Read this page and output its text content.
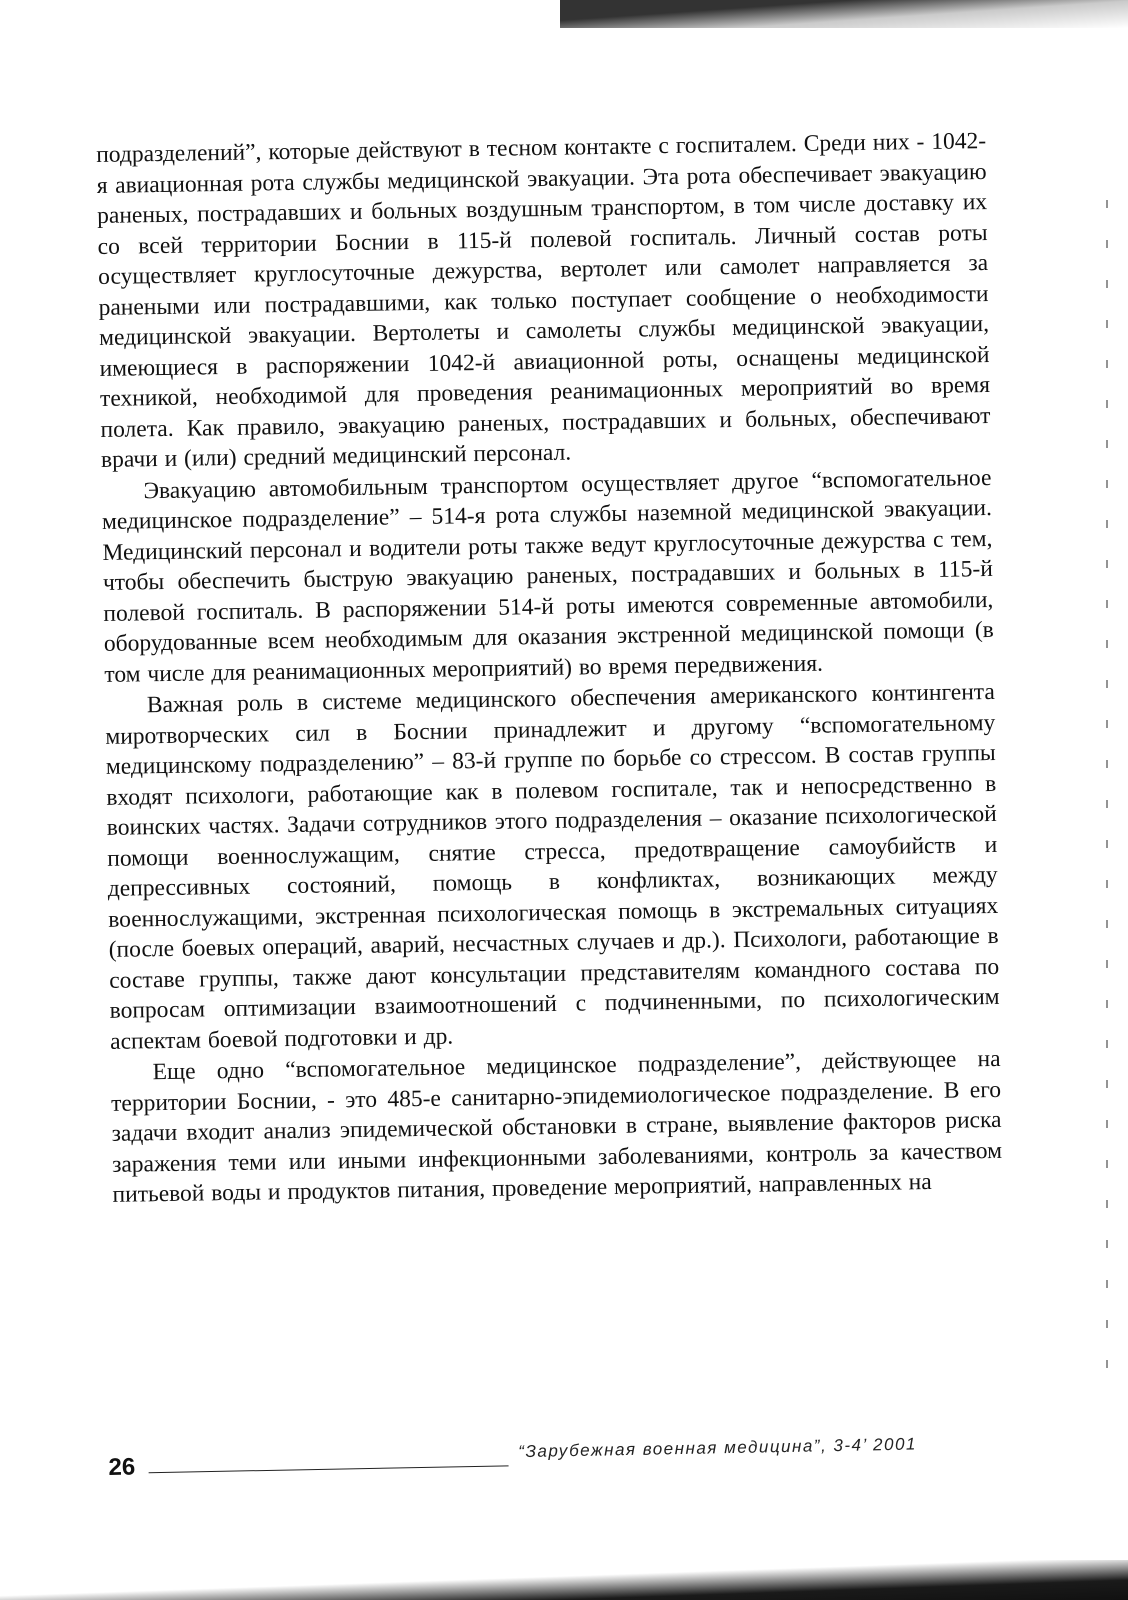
подразделений”, которые действуют в тесном контакте с госпиталем. Среди них - 1042-я авиационная рота службы медицинской эвакуации. Эта рота обеспечивает эвакуацию раненых, пострадавших и больных воздушным транспортом, в том числе доставку их со всей территории Боснии в 115-й полевой госпиталь. Личный состав роты осуществляет круглосуточные дежурства, вертолет или самолет направляется за ранеными или пострадавшими, как только поступает сообщение о необходимости медицинской эвакуации. Вертолеты и самолеты службы медицинской эвакуации, имеющиеся в распоряжении 1042-й авиационной роты, оснащены медицинской техникой, необходимой для проведения реанимационных мероприятий во время полета. Как правило, эвакуацию раненых, пострадавших и больных, обеспечивают врачи и (или) средний медицинский персонал.

Эвакуацию автомобильным транспортом осуществляет другое “вспомогательное медицинское подразделение” – 514-я рота службы наземной медицинской эвакуации. Медицинский персонал и водители роты также ведут круглосуточные дежурства с тем, чтобы обеспечить быструю эвакуацию раненых, пострадавших и больных в 115-й полевой госпиталь. В распоряжении 514-й роты имеются современные автомобили, оборудованные всем необходимым для оказания экстренной медицинской помощи (в том числе для реанимационных мероприятий) во время передвижения.

Важная роль в системе медицинского обеспечения американского контингента миротворческих сил в Боснии принадлежит и другому “вспомогательному медицинскому подразделению” – 83-й группе по борьбе со стрессом. В состав группы входят психологи, работающие как в полевом госпитале, так и непосредственно в воинских частях. Задачи сотрудников этого подразделения – оказание психологической помощи военнослужащим, снятие стресса, предотвращение самоубийств и депрессивных состояний, помощь в конфликтах, возникающих между военнослужащими, экстренная психологическая помощь в экстремальных ситуациях (после боевых операций, аварий, несчастных случаев и др.). Психологи, работающие в составе группы, также дают консультации представителям командного состава по вопросам оптимизации взаимоотношений с подчиненными, по психологическим аспектам боевой подготовки и др.

Еще одно “вспомогательное медицинское подразделение”, действующее на территории Боснии, - это 485-е санитарно-эпидемиологическое подразделение. В его задачи входит анализ эпидемической обстановки в стране, выявление факторов риска заражения теми или иными инфекционными заболеваниями, контроль за качеством питьевой воды и продуктов питания, проведение мероприятий, направленных на

26
“Зарубежная военная медицина”, 3-4’ 2001
